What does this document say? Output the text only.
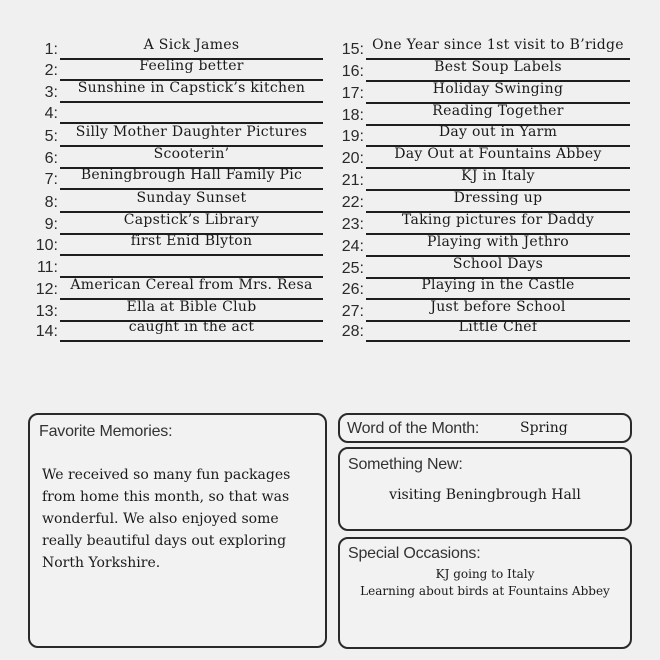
1:	A Sick James
2:	Feeling better
3:	Sunshine in Capstick’s kitchen
4:
5:	Silly Mother Daughter Pictures
6:	Scooterin’
7:	Beningbrough Hall Family Pic
8:	Sunday Sunset
9:	Capstick’s Library
10:	first Enid Blyton
11:
12: American Cereal from Mrs. Resa
13:	Ella at Bible Club
14:	caught in the act
15: One Year since 1st visit to B’ridge
16:	Best Soup Labels
17:	Holiday Swinging
18:	Reading Together
19:	Day out in Yarm
20:	Day Out at Fountains Abbey
21:	KJ in Italy
22:	Dressing up
23:	Taking pictures for Daddy
24:	Playing with Jethro
25:	School Days
26:	Playing in the Castle
27:	Just before School
28:	Little Chef
Favorite Memories:
We received so many fun packages
from home this month, so that was
wonderful. We also enjoyed some
really beautiful days out exploring
North Yorkshire.
Word of the Month:	Spring
Something New:
visiting Beningbrough Hall
Special Occasions:
KJ going to Italy
Learning about birds at Fountains Abbey
